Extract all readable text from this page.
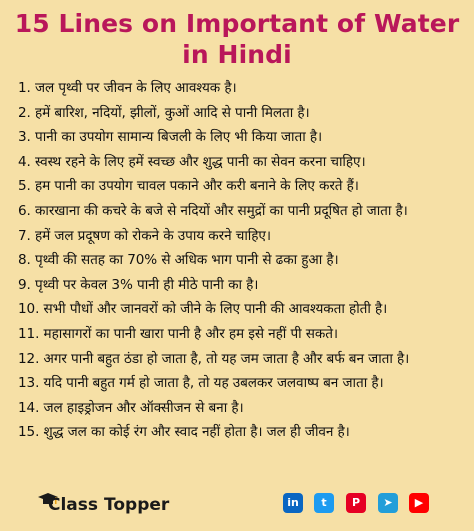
15 Lines on Important of Water in Hindi
1. जल पृथ्वी पर जीवन के लिए आवश्यक है।
2. हमें बारिश, नदियों, झीलों, कुओं आदि से पानी मिलता है।
3. पानी का उपयोग सामान्य बिजली के लिए भी किया जाता है।
4. स्वस्थ रहने के लिए हमें स्वच्छ और शुद्ध पानी का सेवन करना चाहिए।
5. हम पानी का उपयोग चावल पकाने और करी बनाने के लिए करते हैं।
6. कारखाना की कचरे के बजे से नदियों और समुद्रों का पानी प्रदूषित हो जाता है।
7. हमें जल प्रदूषण को रोकने के उपाय करने चाहिए।
8. पृथ्वी की सतह का 70% से अधिक भाग पानी से ढका हुआ है।
9. पृथ्वी पर केवल 3% पानी ही मीठे पानी का है।
10. सभी पौधों और जानवरों को जीने के लिए पानी की आवश्यकता होती है।
11. महासागरों का पानी खारा पानी है और हम इसे नहीं पी सकते।
12. अगर पानी बहुत ठंडा हो जाता है, तो यह जम जाता है और बर्फ बन जाता है।
13. यदि पानी बहुत गर्म हो जाता है, तो यह उबलकर जलवाष्प बन जाता है।
14. जल हाइड्रोजन और ऑक्सीजन से बना है।
15. शुद्ध जल का कोई रंग और स्वाद नहीं होता है। जल ही जीवन है।
Class Topper	in	t	P	➤	▶
